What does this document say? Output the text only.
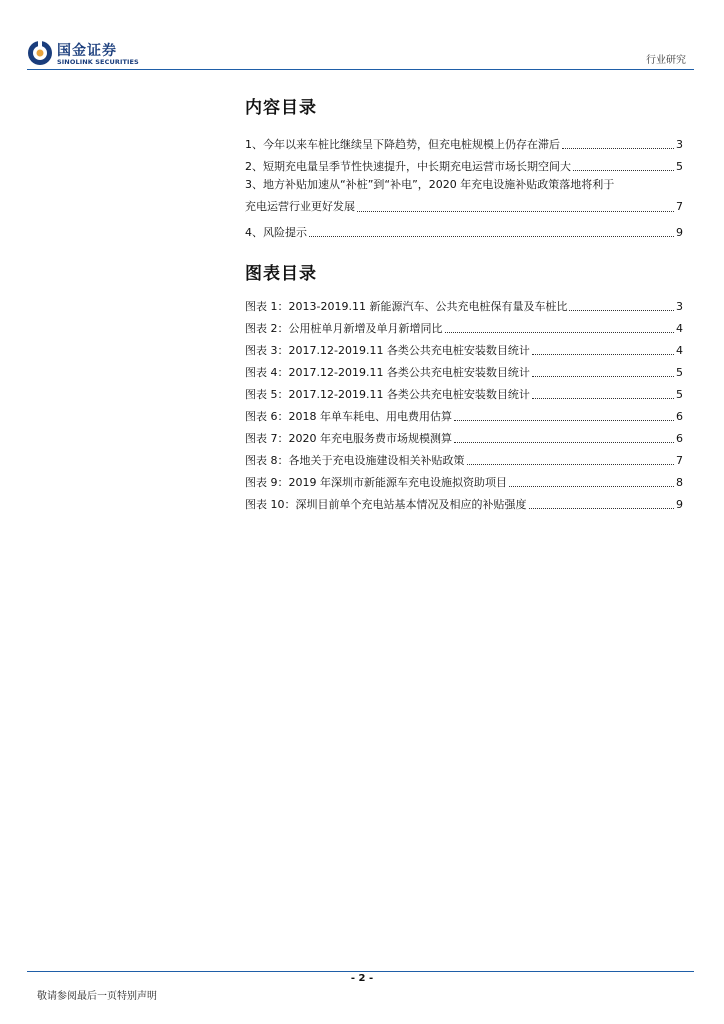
国金证券
SINOLINK SECURITIES	行业研究
内容目录
1、今年以来车桩比继续呈下降趋势，但充电桩规模上仍存在滞后	3
2、短期充电量呈季节性快速提升，中长期充电运营市场长期空间大	5
3、地方补贴加速从“补桩”到“补电”，2020 年充电设施补贴政策落地将利于
充电运营行业更好发展	7
4、风险提示	9
图表目录
图表 1：2013-2019.11 新能源汽车、公共充电桩保有量及车桩比	3
图表 2：公用桩单月新增及单月新增同比	4
图表 3：2017.12-2019.11 各类公共充电桩安装数目统计	4
图表 4：2017.12-2019.11 各类公共充电桩安装数目统计	5
图表 5：2017.12-2019.11 各类公共充电桩安装数目统计	5
图表 6：2018 年单车耗电、用电费用估算	6
图表 7：2020 年充电服务费市场规模测算	6
图表 8：各地关于充电设施建设相关补贴政策	7
图表 9：2019 年深圳市新能源车充电设施拟资助项目	8
图表 10：深圳目前单个充电站基本情况及相应的补贴强度	9
- 2 -
敬请参阅最后一页特别声明
